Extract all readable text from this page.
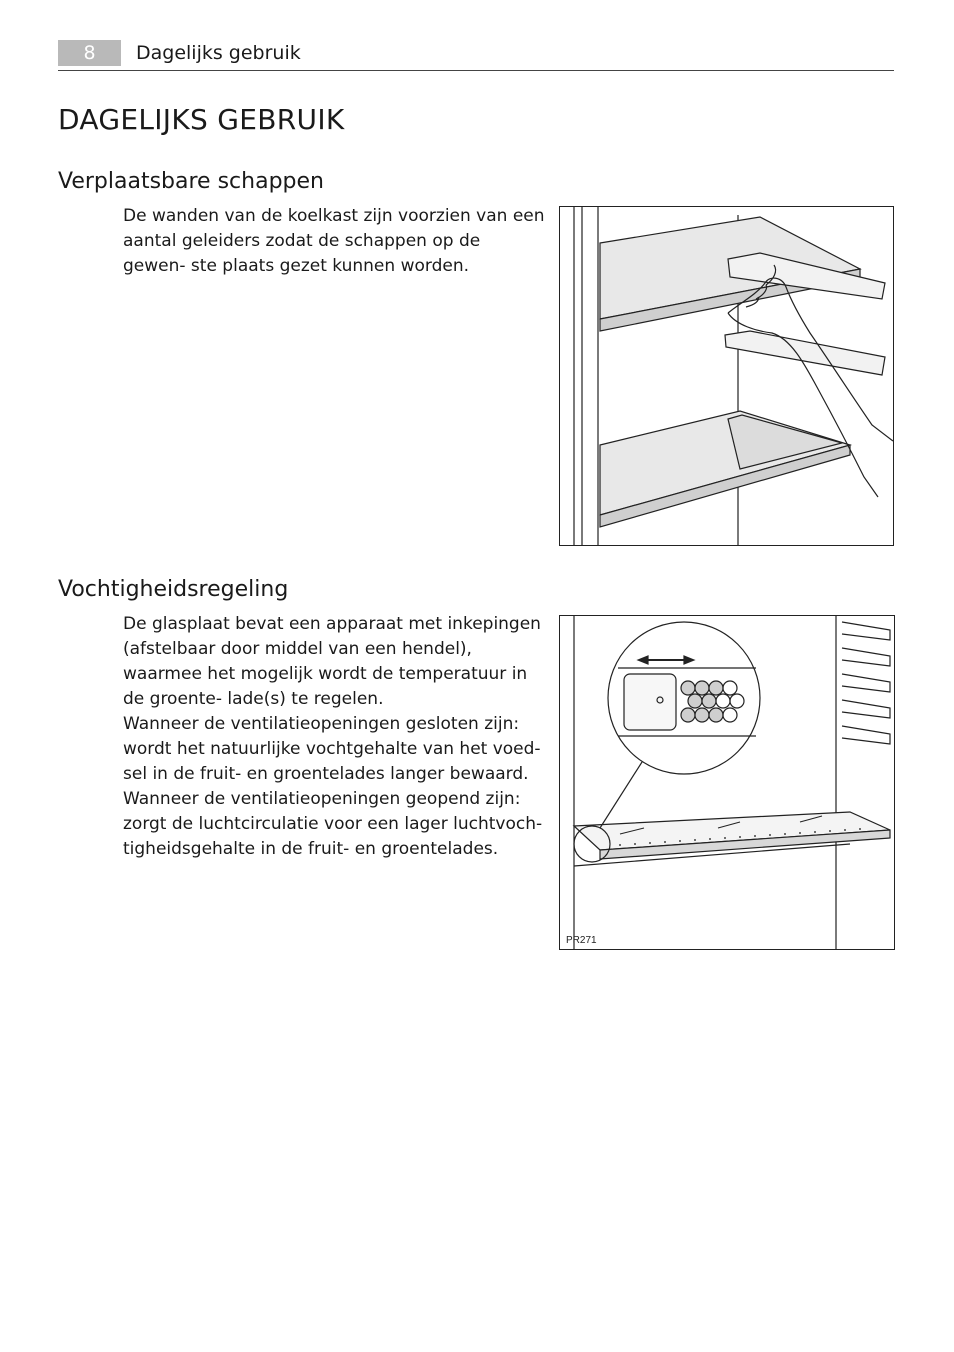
8	Dagelijks gebruik
DAGELIJKS GEBRUIK
Verplaatsbare schappen

De wanden van de koelkast zijn voorzien van een aantal geleiders zodat de schappen op de gewen- ste plaats gezet kunnen worden.

Vochtigheidsregeling

De glasplaat bevat een apparaat met inkepingen (afstelbaar door middel van een hendel), waarmee het mogelijk wordt de temperatuur in de groente- lade(s) te regelen.

Wanneer de ventilatieopeningen gesloten zijn: wordt het natuurlijke vochtgehalte van het voed- sel in de fruit- en groentelades langer bewaard.

Wanneer de ventilatieopeningen geopend zijn: zorgt de luchtcirculatie voor een lager luchtvoch- tigheidsgehalte in de fruit- en groentelades.

PR271
